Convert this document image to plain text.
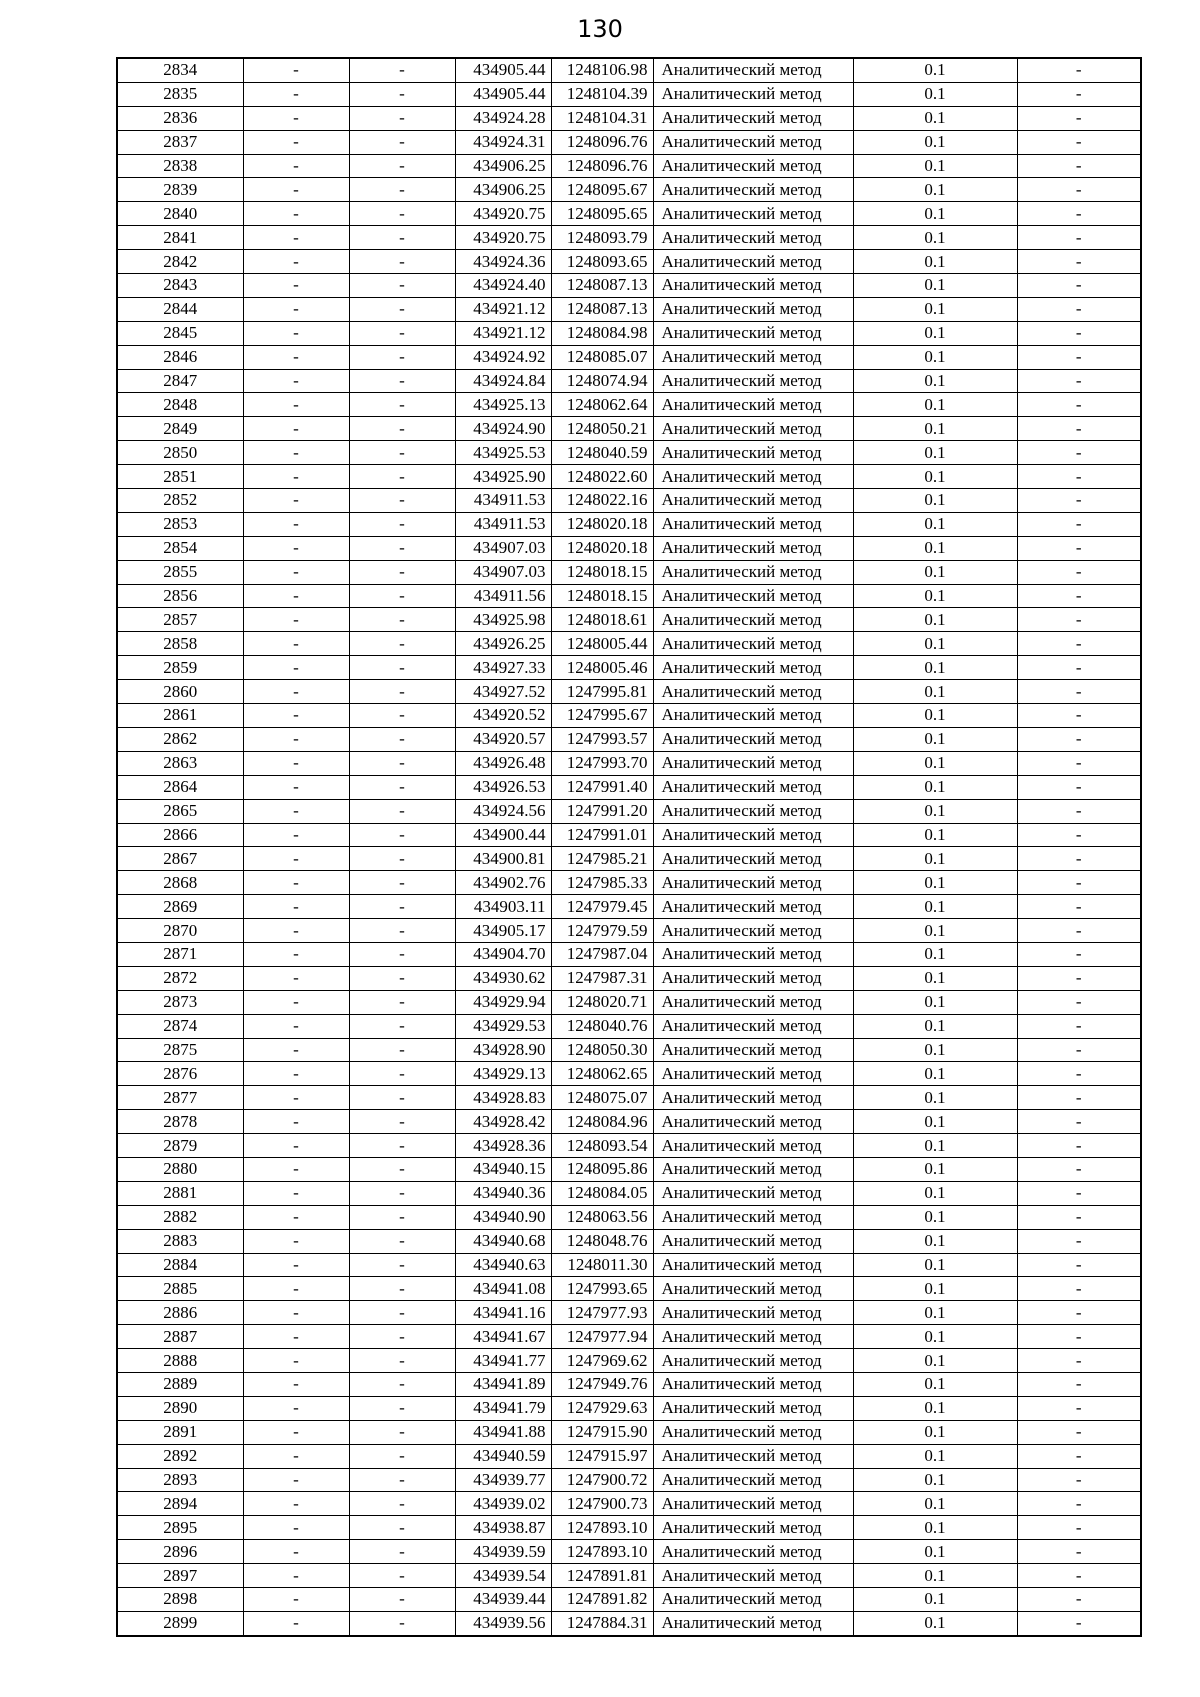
130
2834	-	-	434905.44	1248106.98	Аналитический метод	0.1	-
2835	-	-	434905.44	1248104.39	Аналитический метод	0.1	-
2836	-	-	434924.28	1248104.31	Аналитический метод	0.1	-
2837	-	-	434924.31	1248096.76	Аналитический метод	0.1	-
2838	-	-	434906.25	1248096.76	Аналитический метод	0.1	-
2839	-	-	434906.25	1248095.67	Аналитический метод	0.1	-
2840	-	-	434920.75	1248095.65	Аналитический метод	0.1	-
2841	-	-	434920.75	1248093.79	Аналитический метод	0.1	-
2842	-	-	434924.36	1248093.65	Аналитический метод	0.1	-
2843	-	-	434924.40	1248087.13	Аналитический метод	0.1	-
2844	-	-	434921.12	1248087.13	Аналитический метод	0.1	-
2845	-	-	434921.12	1248084.98	Аналитический метод	0.1	-
2846	-	-	434924.92	1248085.07	Аналитический метод	0.1	-
2847	-	-	434924.84	1248074.94	Аналитический метод	0.1	-
2848	-	-	434925.13	1248062.64	Аналитический метод	0.1	-
2849	-	-	434924.90	1248050.21	Аналитический метод	0.1	-
2850	-	-	434925.53	1248040.59	Аналитический метод	0.1	-
2851	-	-	434925.90	1248022.60	Аналитический метод	0.1	-
2852	-	-	434911.53	1248022.16	Аналитический метод	0.1	-
2853	-	-	434911.53	1248020.18	Аналитический метод	0.1	-
2854	-	-	434907.03	1248020.18	Аналитический метод	0.1	-
2855	-	-	434907.03	1248018.15	Аналитический метод	0.1	-
2856	-	-	434911.56	1248018.15	Аналитический метод	0.1	-
2857	-	-	434925.98	1248018.61	Аналитический метод	0.1	-
2858	-	-	434926.25	1248005.44	Аналитический метод	0.1	-
2859	-	-	434927.33	1248005.46	Аналитический метод	0.1	-
2860	-	-	434927.52	1247995.81	Аналитический метод	0.1	-
2861	-	-	434920.52	1247995.67	Аналитический метод	0.1	-
2862	-	-	434920.57	1247993.57	Аналитический метод	0.1	-
2863	-	-	434926.48	1247993.70	Аналитический метод	0.1	-
2864	-	-	434926.53	1247991.40	Аналитический метод	0.1	-
2865	-	-	434924.56	1247991.20	Аналитический метод	0.1	-
2866	-	-	434900.44	1247991.01	Аналитический метод	0.1	-
2867	-	-	434900.81	1247985.21	Аналитический метод	0.1	-
2868	-	-	434902.76	1247985.33	Аналитический метод	0.1	-
2869	-	-	434903.11	1247979.45	Аналитический метод	0.1	-
2870	-	-	434905.17	1247979.59	Аналитический метод	0.1	-
2871	-	-	434904.70	1247987.04	Аналитический метод	0.1	-
2872	-	-	434930.62	1247987.31	Аналитический метод	0.1	-
2873	-	-	434929.94	1248020.71	Аналитический метод	0.1	-
2874	-	-	434929.53	1248040.76	Аналитический метод	0.1	-
2875	-	-	434928.90	1248050.30	Аналитический метод	0.1	-
2876	-	-	434929.13	1248062.65	Аналитический метод	0.1	-
2877	-	-	434928.83	1248075.07	Аналитический метод	0.1	-
2878	-	-	434928.42	1248084.96	Аналитический метод	0.1	-
2879	-	-	434928.36	1248093.54	Аналитический метод	0.1	-
2880	-	-	434940.15	1248095.86	Аналитический метод	0.1	-
2881	-	-	434940.36	1248084.05	Аналитический метод	0.1	-
2882	-	-	434940.90	1248063.56	Аналитический метод	0.1	-
2883	-	-	434940.68	1248048.76	Аналитический метод	0.1	-
2884	-	-	434940.63	1248011.30	Аналитический метод	0.1	-
2885	-	-	434941.08	1247993.65	Аналитический метод	0.1	-
2886	-	-	434941.16	1247977.93	Аналитический метод	0.1	-
2887	-	-	434941.67	1247977.94	Аналитический метод	0.1	-
2888	-	-	434941.77	1247969.62	Аналитический метод	0.1	-
2889	-	-	434941.89	1247949.76	Аналитический метод	0.1	-
2890	-	-	434941.79	1247929.63	Аналитический метод	0.1	-
2891	-	-	434941.88	1247915.90	Аналитический метод	0.1	-
2892	-	-	434940.59	1247915.97	Аналитический метод	0.1	-
2893	-	-	434939.77	1247900.72	Аналитический метод	0.1	-
2894	-	-	434939.02	1247900.73	Аналитический метод	0.1	-
2895	-	-	434938.87	1247893.10	Аналитический метод	0.1	-
2896	-	-	434939.59	1247893.10	Аналитический метод	0.1	-
2897	-	-	434939.54	1247891.81	Аналитический метод	0.1	-
2898	-	-	434939.44	1247891.82	Аналитический метод	0.1	-
2899	-	-	434939.56	1247884.31	Аналитический метод	0.1	-
